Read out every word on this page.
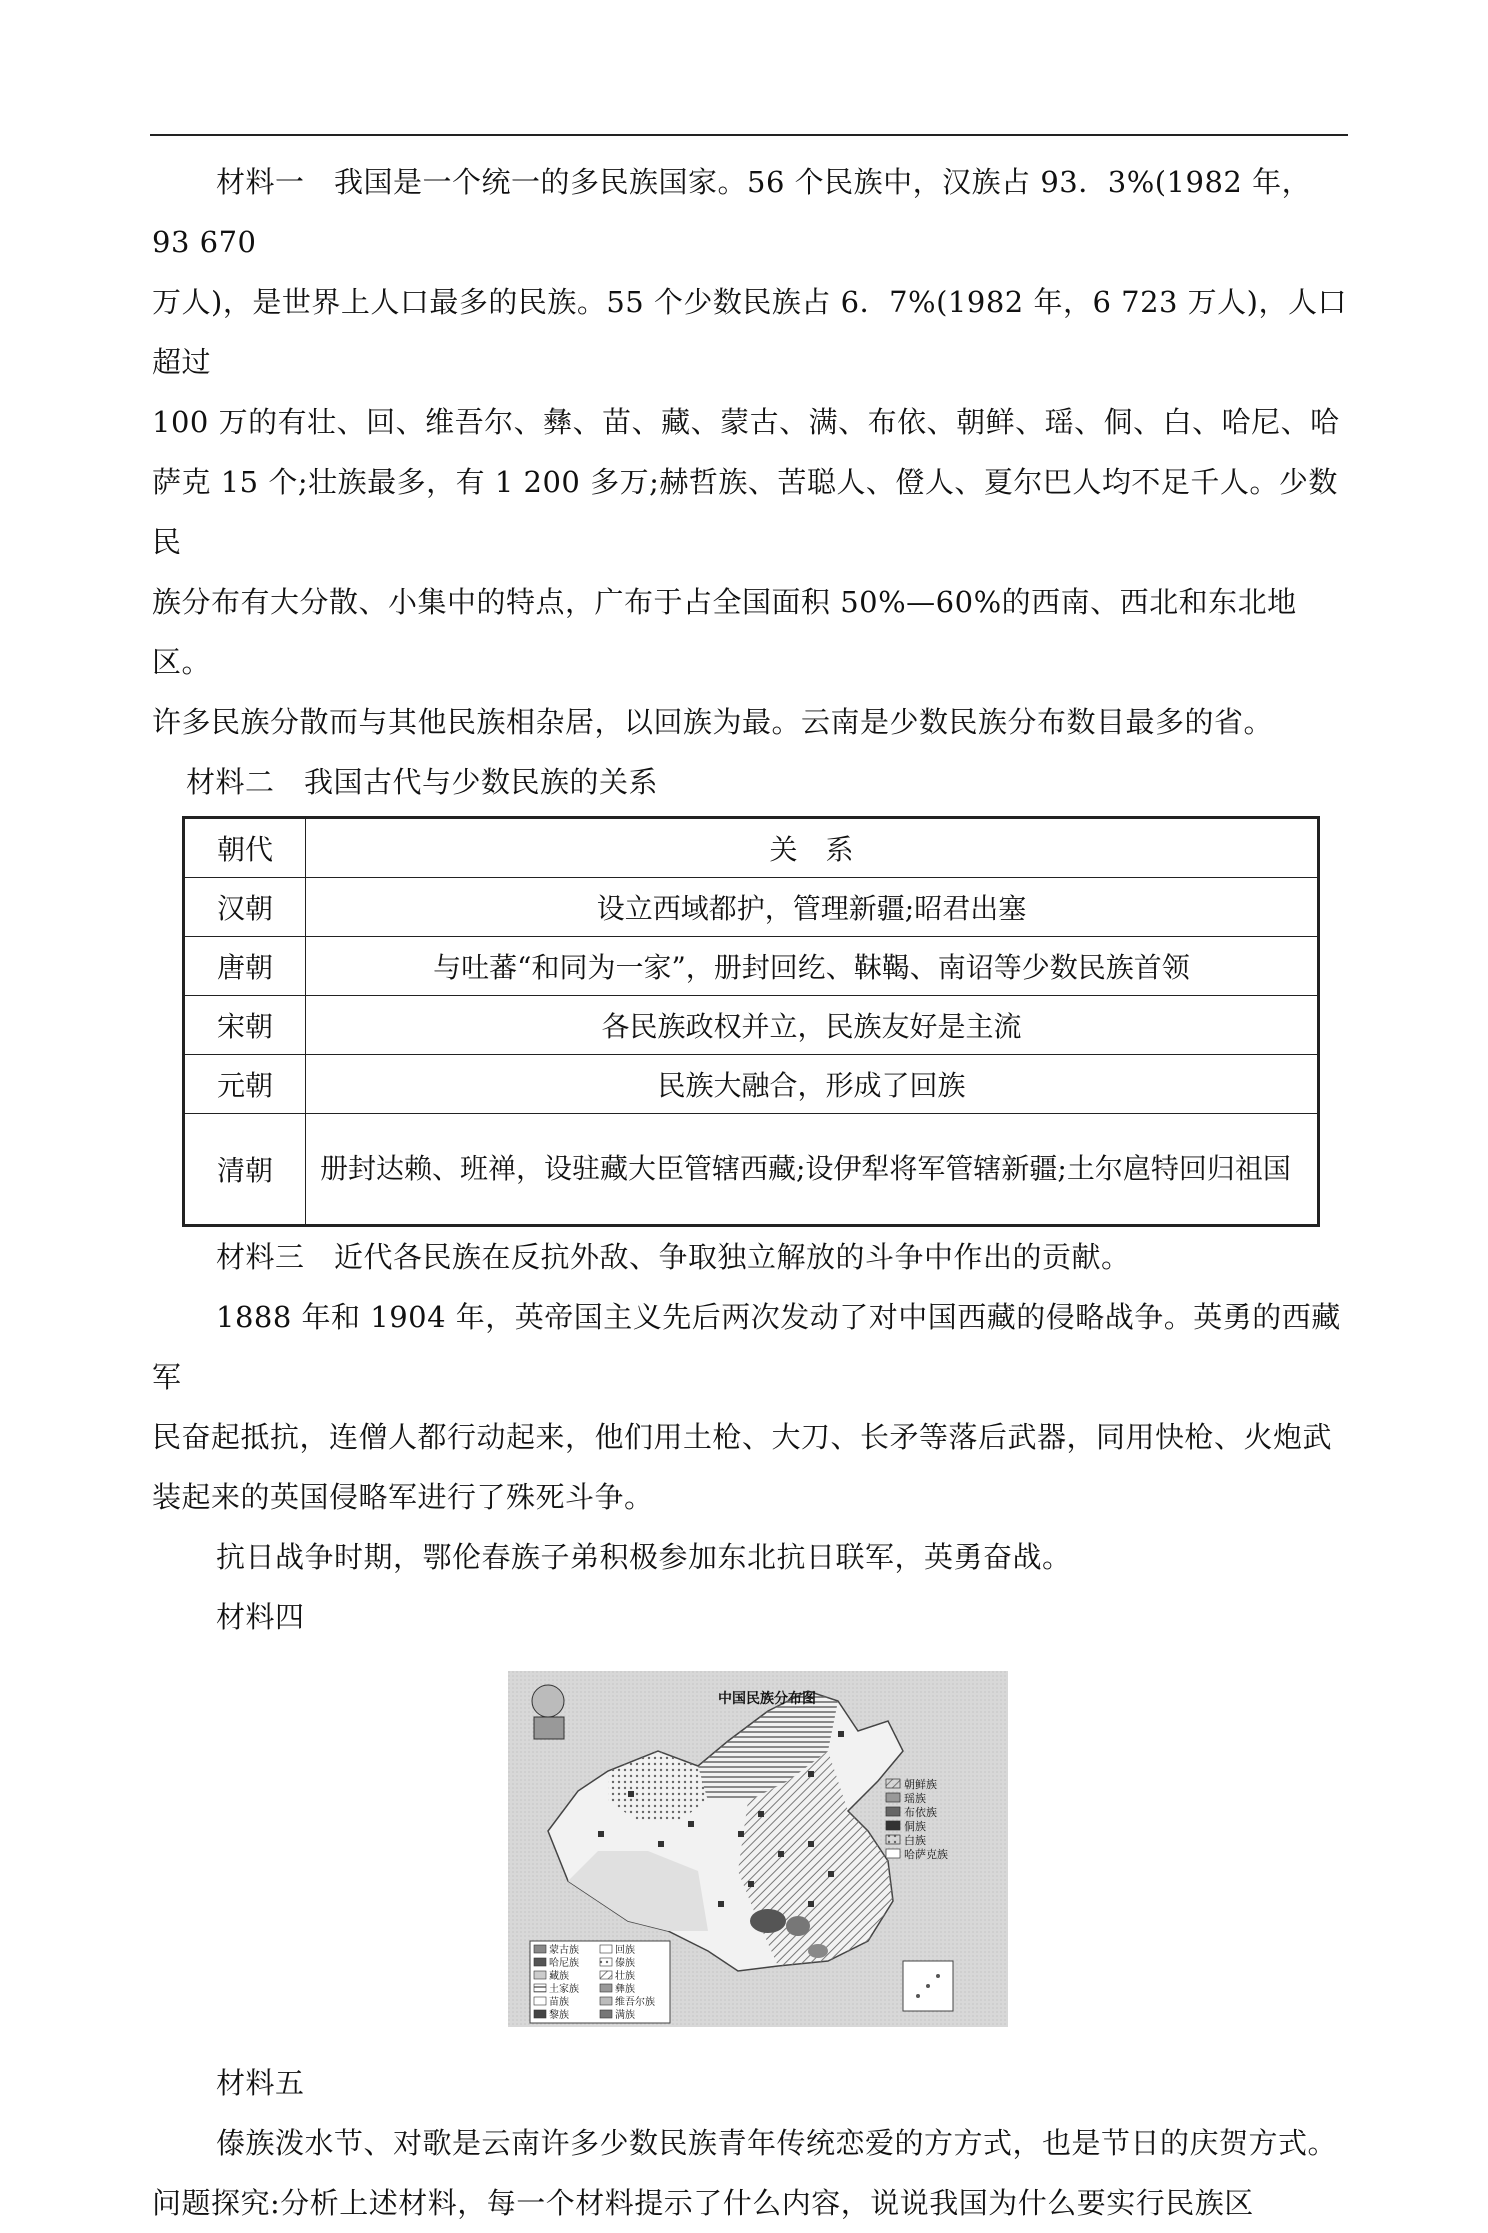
材料一　我国是一个统一的多民族国家。56 个民族中，汉族占 93．3%(1982 年，93 670

万人)，是世界上人口最多的民族。55 个少数民族占 6．7%(1982 年，6 723 万人)，人口超过

100 万的有壮、回、维吾尔、彝、苗、藏、蒙古、满、布依、朝鲜、瑶、侗、白、哈尼、哈

萨克 15 个;壮族最多，有 1 200 多万;赫哲族、苦聪人、僜人、夏尔巴人均不足千人。少数民

族分布有大分散、小集中的特点，广布于占全国面积 50%—60%的西南、西北和东北地区。

许多民族分散而与其他民族相杂居，以回族为最。云南是少数民族分布数目最多的省。

材料二　我国古代与少数民族的关系

朝代	关　系
汉朝	设立西域都护，管理新疆;昭君出塞
唐朝	与吐蕃“和同为一家”，册封回纥、靺鞨、南诏等少数民族首领
宋朝	各民族政权并立，民族友好是主流
元朝	民族大融合，形成了回族
清朝	册封达赖、班禅，设驻藏大臣管辖西藏;设伊犁将军管辖新疆;土尔扈特回归祖国

材料三　近代各民族在反抗外敌、争取独立解放的斗争中作出的贡献。

1888 年和 1904 年，英帝国主义先后两次发动了对中国西藏的侵略战争。英勇的西藏军

民奋起抵抗，连僧人都行动起来，他们用土枪、大刀、长矛等落后武器，同用快枪、火炮武

装起来的英国侵略军进行了殊死斗争。

抗日战争时期，鄂伦春族子弟积极参加东北抗日联军，英勇奋战。

材料四

中国民族分布图
朝鲜族
瑶族
布依族
侗族
白族
哈萨克族
蒙古族
哈尼族
藏族
土家族
苗族
黎族
回族
傣族
壮族
彝族
维吾尔族
满族

材料五

傣族泼水节、对歌是云南许多少数民族青年传统恋爱的方方式，也是节日的庆贺方式。

问题探究:分析上述材料，每一个材料提示了什么内容，说说我国为什么要实行民族区
